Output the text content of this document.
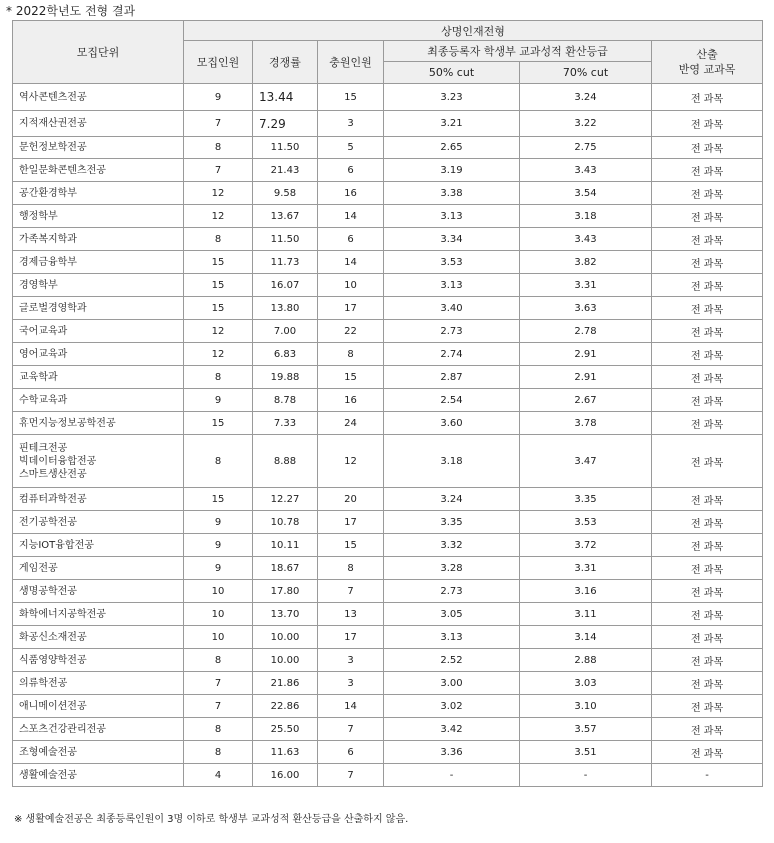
* 2022학년도 전형 결과
모집단위	상명인재전형					
	모집인원	경쟁률	충원인원	최종등록자 학생부 교과성적 환산등급		산출
반영 교과목
				50% cut	70% cut	
역사콘텐츠전공	9	13.44	15	3.23	3.24	전 과목
지적재산권전공	7	7.29	3	3.21	3.22	전 과목
문헌정보학전공	8	11.50	5	2.65	2.75	전 과목
한일문화콘텐츠전공	7	21.43	6	3.19	3.43	전 과목
공간환경학부	12	9.58	16	3.38	3.54	전 과목
행정학부	12	13.67	14	3.13	3.18	전 과목
가족복지학과	8	11.50	6	3.34	3.43	전 과목
경제금융학부	15	11.73	14	3.53	3.82	전 과목
경영학부	15	16.07	10	3.13	3.31	전 과목
글로벌경영학과	15	13.80	17	3.40	3.63	전 과목
국어교육과	12	7.00	22	2.73	2.78	전 과목
영어교육과	12	6.83	8	2.74	2.91	전 과목
교육학과	8	19.88	15	2.87	2.91	전 과목
수학교육과	9	8.78	16	2.54	2.67	전 과목
휴먼지능정보공학전공	15	7.33	24	3.60	3.78	전 과목
핀테크전공
빅데이터융합전공
스마트생산전공	8	8.88	12	3.18	3.47	전 과목
컴퓨터과학전공	15	12.27	20	3.24	3.35	전 과목
전기공학전공	9	10.78	17	3.35	3.53	전 과목
지능IOT융합전공	9	10.11	15	3.32	3.72	전 과목
게임전공	9	18.67	8	3.28	3.31	전 과목
생명공학전공	10	17.80	7	2.73	3.16	전 과목
화학에너지공학전공	10	13.70	13	3.05	3.11	전 과목
화공신소재전공	10	10.00	17	3.13	3.14	전 과목
식품영양학전공	8	10.00	3	2.52	2.88	전 과목
의류학전공	7	21.86	3	3.00	3.03	전 과목
애니메이션전공	7	22.86	14	3.02	3.10	전 과목
스포츠건강관리전공	8	25.50	7	3.42	3.57	전 과목
조형예술전공	8	11.63	6	3.36	3.51	전 과목
생활예술전공	4	16.00	7	-	-	-
※ 생활예술전공은 최종등록인원이 3명 이하로 학생부 교과성적 환산등급을 산출하지 않음.
